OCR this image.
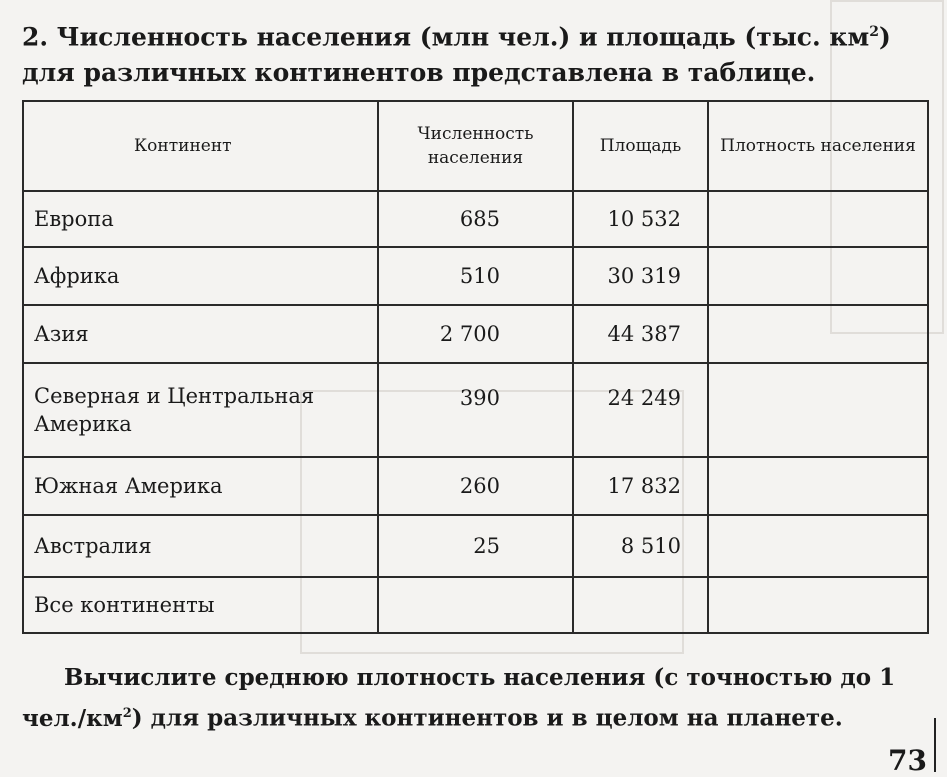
2. Численность населения (млн чел.) и площадь (тыс. $км^2$) для различных континентов представлена в таблице.
Континент	Численность населения	Площадь	Плотность населения
Европа	685	10 532	
Африка	510	30 319	
Азия	2 700	44 387	
Северная и Центральная Америка	390	24 249	
Южная Америка	260	17 832	
Австралия	25	8 510	
Все континенты			
Вычислите среднюю плотность населения (с точностью до 1 $чел./км^2$) для различных континентов и в целом на планете.
73
